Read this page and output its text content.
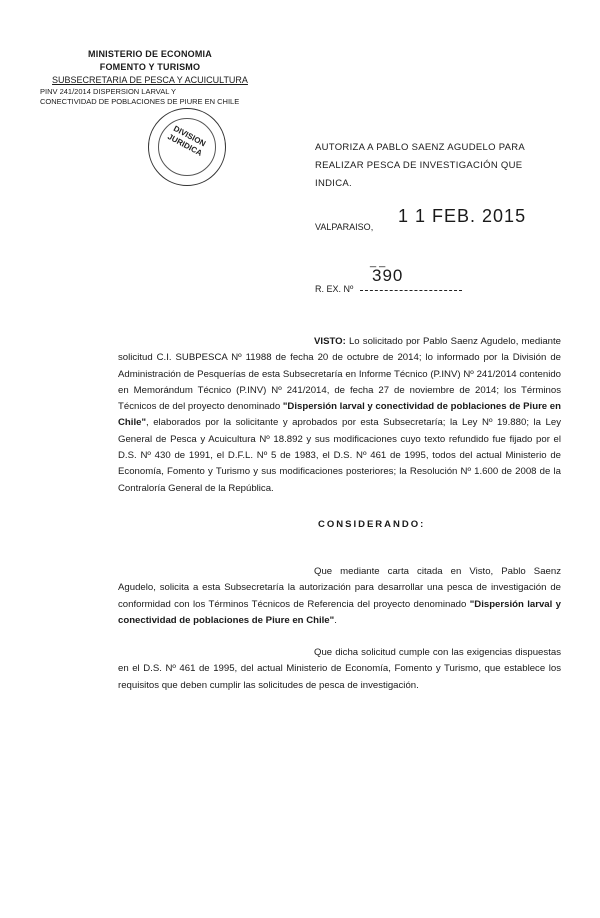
MINISTERIO DE ECONOMIA
FOMENTO Y TURISMO
SUBSECRETARIA DE PESCA Y ACUICULTURA
PINV 241/2014 DISPERSION LARVAL Y
CONECTIVIDAD DE POBLACIONES DE PIURE EN CHILE
DIVISION JURIDICA	AUTORIZA A PABLO SAENZ AGUDELO PARA REALIZAR PESCA DE INVESTIGACIÓN QUE INDICA.
1 1 FEB. 2015
VALPARAISO,
_ _
390
R. EX. Nº
VISTO: Lo solicitado por Pablo Saenz Agudelo, mediante solicitud C.I. SUBPESCA Nº 11988 de fecha 20 de octubre de 2014; lo informado por la División de Administración de Pesquerías de esta Subsecretaría en Informe Técnico (P.INV) Nº 241/2014 contenido en Memorándum Técnico (P.INV) Nº 241/2014, de fecha 27 de noviembre de 2014; los Términos Técnicos de del proyecto denominado "Dispersión larval y conectividad de poblaciones de Piure en Chile", elaborados por la solicitante y aprobados por esta Subsecretaría; la Ley Nº 19.880; la Ley General de Pesca y Acuicultura Nº 18.892 y sus modificaciones cuyo texto refundido fue fijado por el D.S. Nº 430 de 1991, el D.F.L. Nº 5 de 1983, el D.S. Nº 461 de 1995, todos del actual Ministerio de Economía, Fomento y Turismo y sus modificaciones posteriores; la Resolución Nº 1.600 de 2008 de la Contraloría General de la República.
CONSIDERANDO:
Que mediante carta citada en Visto, Pablo Saenz Agudelo, solicita a esta Subsecretaría la autorización para desarrollar una pesca de investigación de conformidad con los Términos Técnicos de Referencia del proyecto denominado "Dispersión larval y conectividad de poblaciones de Piure en Chile".
Que dicha solicitud cumple con las exigencias dispuestas en el D.S. Nº 461 de 1995, del actual Ministerio de Economía, Fomento y Turismo, que establece los requisitos que deben cumplir las solicitudes de pesca de investigación.
